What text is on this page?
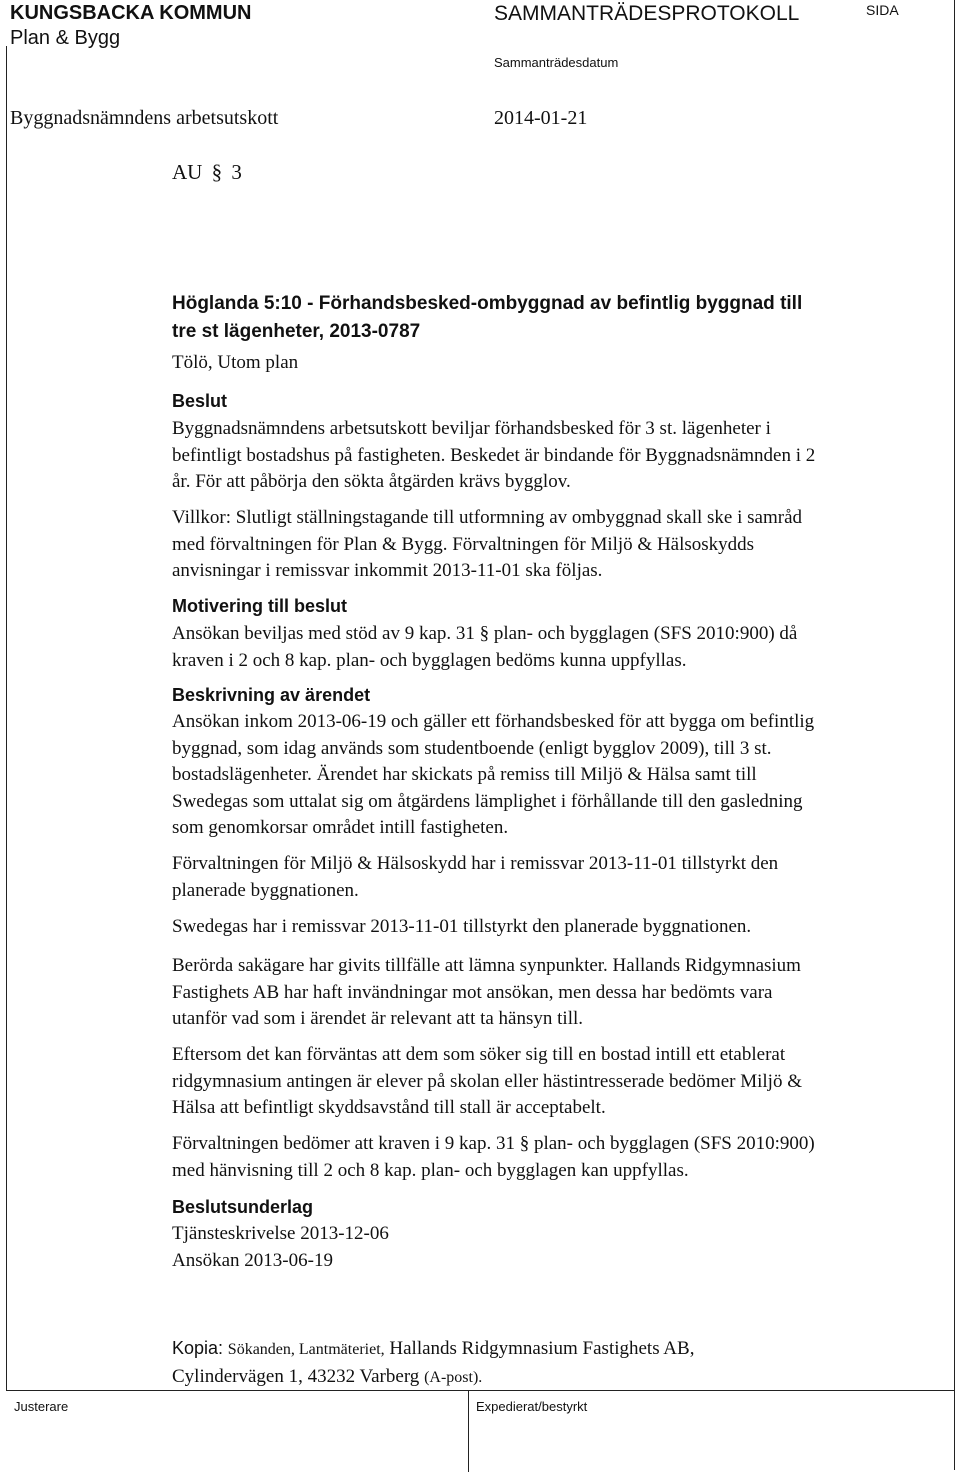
KUNGSBACKA KOMMUN
Plan & Bygg
SAMMANTRÄDESPROTOKOLL	SIDA
Sammanträdesdatum
Byggnadsnämndens arbetsutskott	2014-01-21
AU § 3
Höglanda 5:10 - Förhandsbesked-ombyggnad av befintlig byggnad till
tre st lägenheter, 2013-0787
Tölö, Utom plan
Beslut
Byggnadsnämndens arbetsutskott beviljar förhandsbesked för 3 st. lägenheter i
befintligt bostadshus på fastigheten. Beskedet är bindande för Byggnadsnämnden i 2
år. För att påbörja den sökta åtgärden krävs bygglov.
Villkor: Slutligt ställningstagande till utformning av ombyggnad skall ske i samråd
med förvaltningen för Plan & Bygg. Förvaltningen för Miljö & Hälsoskydds
anvisningar i remissvar inkommit 2013-11-01 ska följas.
Motivering till beslut
Ansökan beviljas med stöd av 9 kap. 31 § plan- och bygglagen (SFS 2010:900) då
kraven i 2 och 8 kap. plan- och bygglagen bedöms kunna uppfyllas.
Beskrivning av ärendet
Ansökan inkom 2013-06-19 och gäller ett förhandsbesked för att bygga om befintlig
byggnad, som idag används som studentboende (enligt bygglov 2009), till 3 st.
bostadslägenheter. Ärendet har skickats på remiss till Miljö & Hälsa samt till
Swedegas som uttalat sig om åtgärdens lämplighet i förhållande till den gasledning
som genomkorsar området intill fastigheten.
Förvaltningen för Miljö & Hälsoskydd har i remissvar 2013-11-01 tillstyrkt den
planerade byggnationen.
Swedegas har i remissvar 2013-11-01 tillstyrkt den planerade byggnationen.
Berörda sakägare har givits tillfälle att lämna synpunkter. Hallands Ridgymnasium
Fastighets AB har haft invändningar mot ansökan, men dessa har bedömts vara
utanför vad som i ärendet är relevant att ta hänsyn till.
Eftersom det kan förväntas att dem som söker sig till en bostad intill ett etablerat
ridgymnasium antingen är elever på skolan eller hästintresserade bedömer Miljö &
Hälsa att befintligt skyddsavstånd till stall är acceptabelt.
Förvaltningen bedömer att kraven i 9 kap. 31 § plan- och bygglagen (SFS 2010:900)
med hänvisning till 2 och 8 kap. plan- och bygglagen kan uppfyllas.
Beslutsunderlag
Tjänsteskrivelse 2013-12-06
Ansökan 2013-06-19
Kopia: Sökanden, Lantmäteriet, Hallands Ridgymnasium Fastighets AB,
Cylindervägen 1, 43232 Varberg (A-post).
Justerare	Expedierat/bestyrkt
